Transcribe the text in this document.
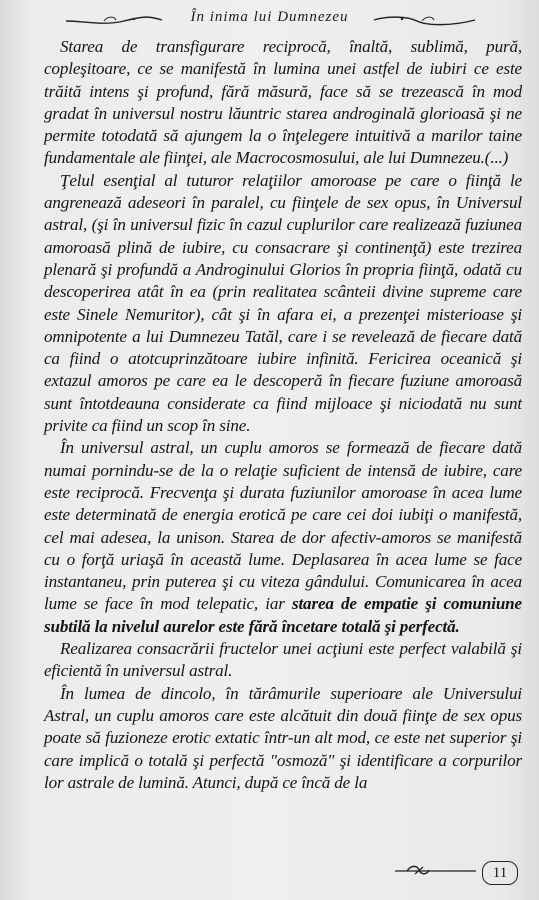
În inima lui Dumnezeu

Starea de transfigurare reciprocă, înaltă, sublimă, pură, copleşitoare, ce se manifestă în lumina unei astfel de iubiri ce este trăită intens şi profund, fără măsură, face să se trezească în mod gradat în universul nostru lăuntric starea androginală glorioasă şi ne permite totodată să ajungem la o înţelegere intuitivă a marilor taine fundamentale ale fiinţei, ale Macrocosmosului, ale lui Dumnezeu.(...)

Ţelul esenţial al tuturor relaţiilor amoroase pe care o fiinţă le angrenează adeseori în paralel, cu fiinţele de sex opus, în Universul astral, (şi în universul fizic în cazul cuplurilor care realizează fuziunea amoroasă plină de iubire, cu consacrare şi continenţă) este trezirea plenară şi profundă a Androginului Glorios în propria fiinţă, odată cu descoperirea atât în ea (prin realitatea scânteii divine supreme care este Sinele Nemuritor), cât şi în afara ei, a prezenţei misterioase şi omnipotente a lui Dumnezeu Tatăl, care i se revelează de fiecare dată ca fiind o atotcuprinzătoare iubire infinită. Fericirea oceanică şi extazul amoros pe care ea le descoperă în fiecare fuziune amoroasă sunt întotdeauna considerate ca fiind mijloace şi niciodată nu sunt privite ca fiind un scop în sine.

În universul astral, un cuplu amoros se formează de fiecare dată numai pornindu-se de la o relaţie suficient de intensă de iubire, care este reciprocă. Frecvenţa şi durata fuziunilor amoroase în acea lume este determinată de energia erotică pe care cei doi iubiţi o manifestă, cel mai adesea, la unison. Starea de dor afectiv-amoros se manifestă cu o forţă uriaşă în această lume. Deplasarea în acea lume se face instantaneu, prin puterea şi cu viteza gândului. Comunicarea în acea lume se face în mod telepatic, iar starea de empatie şi comuniune subtilă la nivelul aurelor este fără încetare totală şi perfectă.

Realizarea consacrării fructelor unei acţiuni este perfect valabilă şi eficientă în universul astral.

În lumea de dincolo, în tărâmurile superioare ale Universului Astral, un cuplu amoros care este alcătuit din două fiinţe de sex opus poate să fuzioneze erotic extatic într-un alt mod, ce este net superior şi care implică o totală şi perfectă "osmoză" şi identificare a corpurilor lor astrale de lumină. Atunci, după ce încă de la

11
